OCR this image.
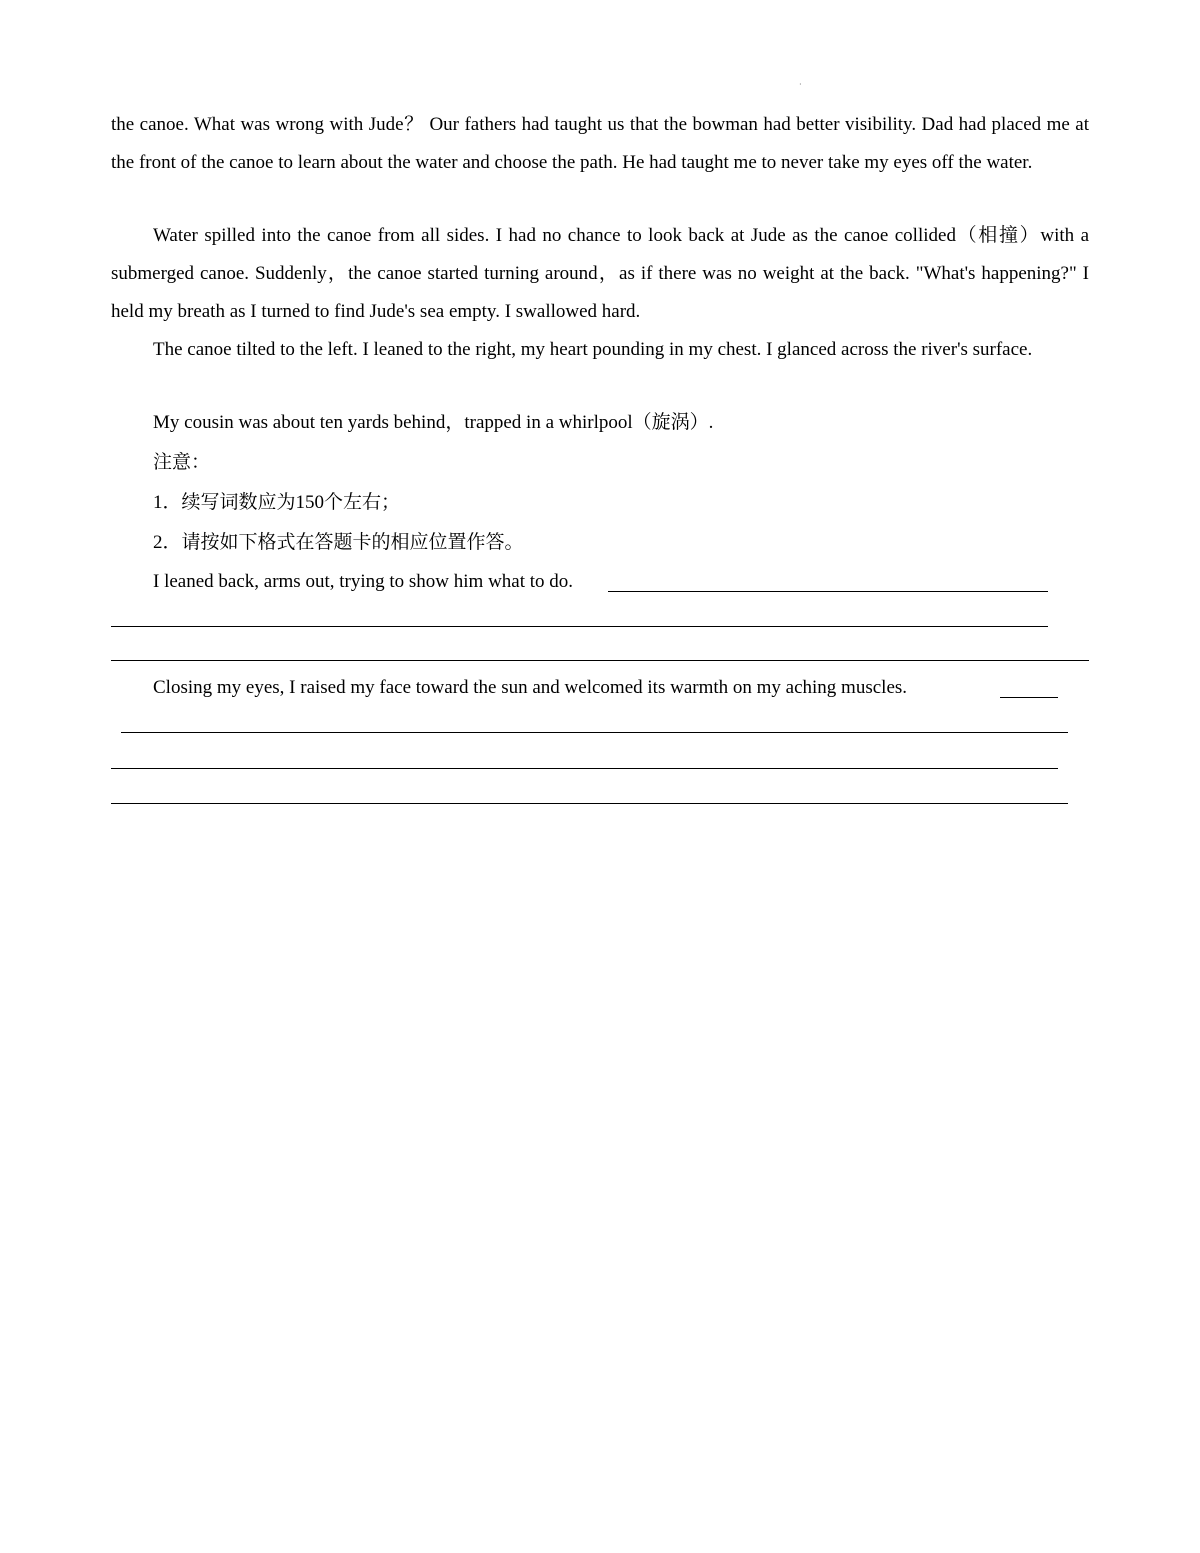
·

the canoe. What was wrong with Jude？ Our fathers had taught us that the bowman had better visibility. Dad had placed me at the front of the canoe to learn about the water and choose the path. He had taught me to never take my eyes off the water.

Water spilled into the canoe from all sides. I had no chance to look back at Jude as the canoe collided（相撞）with a submerged canoe. Suddenly，the canoe started turning around，as if there was no weight at the back. "What's happening?" I held my breath as I turned to find Jude's sea empty. I swallowed hard.

The canoe tilted to the left. I leaned to the right, my heart pounding in my chest. I glanced across the river's surface.

My cousin was about ten yards behind，trapped in a whirlpool（旋涡）.
注意：
1．续写词数应为150个左右；
2．请按如下格式在答题卡的相应位置作答。
I leaned back, arms out, trying to show him what to do.
Closing my eyes, I raised my face toward the sun and welcomed its warmth on my aching muscles.
